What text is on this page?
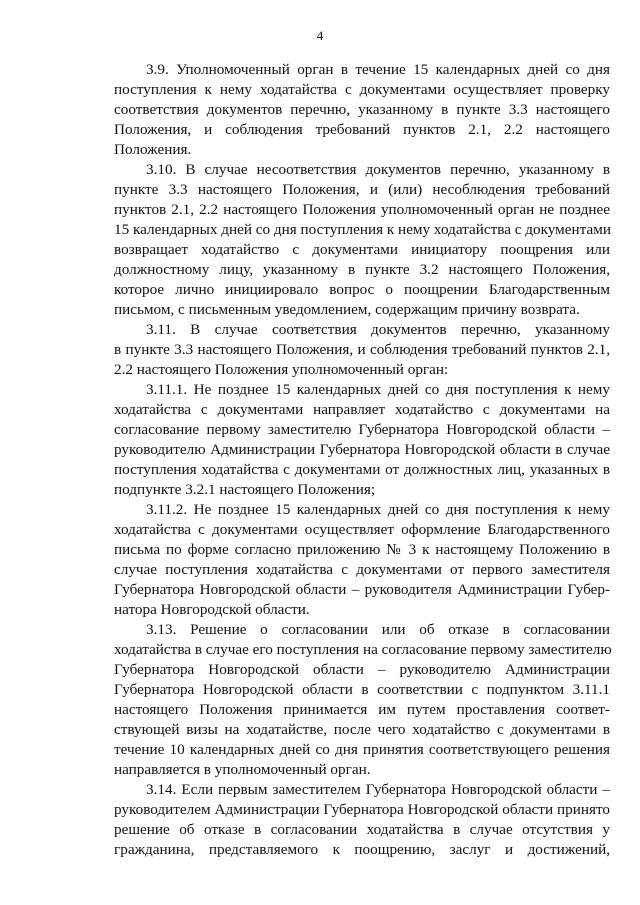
4
3.9. Уполномоченный орган в течение 15 календарных дней со дня
поступления к нему ходатайства с документами осуществляет проверку
соответствия документов перечню, указанному в пункте 3.3 настоящего
Положения, и соблюдения требований пунктов 2.1, 2.2 настоящего
Положения.
3.10. В случае несоответствия документов перечню, указанному в
пункте 3.3 настоящего Положения, и (или) несоблюдения требований
пунктов 2.1, 2.2 настоящего Положения уполномоченный орган не позднее
15 календарных дней со дня поступления к нему ходатайства с документами
возвращает ходатайство с документами инициатору поощрения или
должностному лицу, указанному в пункте 3.2 настоящего Положения,
которое лично инициировало вопрос о поощрении Благодарственным
письмом, с письменным уведомлением, содержащим причину возврата.
3.11. В случае соответствия документов перечню, указанному
в пункте 3.3 настоящего Положения, и соблюдения требований пунктов 2.1,
2.2 настоящего Положения уполномоченный орган:
3.11.1. Не позднее 15 календарных дней со дня поступления к нему
ходатайства с документами направляет ходатайство с документами на
согласование первому заместителю Губернатора Новгородской области –
руководителю Администрации Губернатора Новгородской области в случае
поступления ходатайства с документами от должностных лиц, указанных в
подпункте 3.2.1 настоящего Положения;
3.11.2. Не позднее 15 календарных дней со дня поступления к нему
ходатайства с документами осуществляет оформление Благодарственного
письма по форме согласно приложению № 3 к настоящему Положению в
случае поступления ходатайства с документами от первого заместителя
Губернатора Новгородской области – руководителя Администрации Губер-
натора Новгородской области.
3.13. Решение о согласовании или об отказе в согласовании
ходатайства в случае его поступления на согласование первому заместителю
Губернатора Новгородской области – руководителю Администрации
Губернатора Новгородской области в соответствии с подпунктом 3.11.1
настоящего Положения принимается им путем проставления соответ-
ствующей визы на ходатайстве, после чего ходатайство с документами в
течение 10 календарных дней со дня принятия соответствующего решения
направляется в уполномоченный орган.
3.14. Если первым заместителем Губернатора Новгородской области –
руководителем Администрации Губернатора Новгородской области принято
решение об отказе в согласовании ходатайства в случае отсутствия у
гражданина, представляемого к поощрению, заслуг и достижений,
